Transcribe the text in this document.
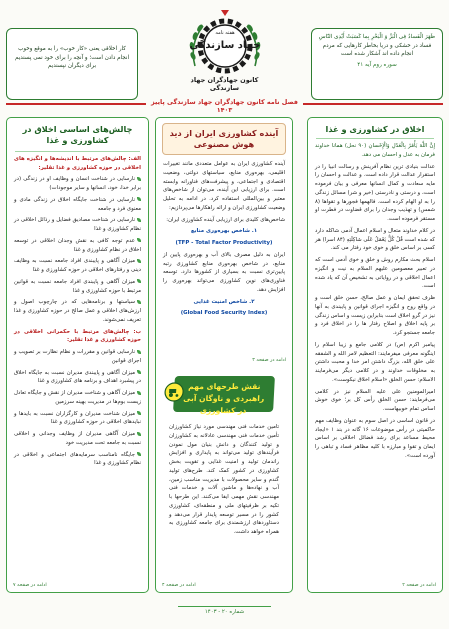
ظَهَرَ الْفَسادُ فِی الْبَرِّ وَ الْبَحْرِ بِما کَسَبَتْ أَیْدِی النّاسِ
فساد در خشکی و دریا بخاطر کارهایی که مردم انجام داده اند آشکار شده است
سوره روم آیه ۴۱
هفته نامه
جهاد سازندگی
کانون جهادگران جهاد سازندگی
کار اخلاقی یعنی «کار خوب» را به موقع وخوب انجام دادن است؛ و آنچه را برای خود نمی پسندیم برای دیگران نپسندیم
فصل نامه کانون جهادگران جهاد سازندگی پاییز ۱۴۰۳
اخلاق در کشاورزی و غذا

إِنَّ اللَّهَ یَأْمُرُ بِالْعَدْلِ وَالْإِحْسانِ (۹۰ نحل) همانا خداوند فرمان به عدل و احسان می دهد.

عدالت بنیادی ترین نظام آفرینش و رسالت انبیا را در استقرار عدالت قرار داده است. و عدالت و احسان را مایه سعادت و کمال انسانها معرفی و بیان فرموده است، و درستی و نادرستی (خیر و شر) مسائل زندگی را به او الهام کرده است. فالهمها فجورها و تقواها (۸ شمس) و تهذیب وجدان را برای قضاوت در فطرت او مستقر فرموده است.

در کلام خداوند متعال و اسلام اعمال آدمی شاکله دارد که شده است قُلْ کُلٌّ یَعْمَلُ عَلَی شاکِلَتِهِ (۸۴ اسرا) هر کسی بر اساس خلق و خوی خود رفتار می کند.

اسلام بحث مکارم روش و خلق و خوی آدمی است که در تعبیر معصومین علیهم السلام به نیت و انگیزه اعمال اخلاقی و در روایاتی به تشخیص آن که یاد شده است.

ظرف تحقق ایمان و عمل صالح، حسن خلق است و در واقع روح و انگیزه اجرای قوانین و پایبندی به آنها نیز در گرو اخلاق است بنابراین زیست و اساس زندگی بر پایه اخلاق و اصلاح رفتار ها را در اخلاق فرد و جامعه جستجو کرد.

پیامبر اکرم (ص) در کلامی جامع و زیبا اسلام را اینگونه معرفی میفرمایند: التعظیم لامر الله و الشفقه علی خلق الله، بزرگ داشتن امر خدا و محبت داشتن به مخلوقات خداوند و در کلامی دیگر می‌فرمایند الاسلام: حسن الخلق «اسلام اخلاق نیکوست».

امیرالمومنین علی علیه السلام نیز در کلامی می‌فرمایند: حسن الخلق رأس کل بر؛ خوی خوش اساس تمام خوبیهاست.

در قانون اساسی در اصل سوم به عنوان وظایف مهم حاکمیتی در رأس موضوعات ۱۶ گانه در بند ۱ «ایجاد محیط مساعد برای رشد فضائل اخلاقی بر اساس ایمان و تقوا و مبارزه با کلیه مظاهر فساد و تباهی را آورده است».

ادامه در صفحه ۲
آینده کشاورزی ایران از دید هوش مصنوعی

آینده کشاورزی ایران به عوامل متعددی مانند تغییرات اقلیمی، بهره‌وری منابع، سیاستهای دولتی، وضعیت اقتصادی و اجتماعی، و پیشرفت‌های فناورانه وابسته است. برای ارزیابی این آینده، می‌توان از شاخص‌های معتبر و بین‌المللی استفاده کرد. در ادامه به تحلیل وضعیت کشاورزی ایران و ارائه راهکارها می‌پردازیم:

شاخص‌های کلیدی برای ارزیابی آینده کشاورزی ایران:

۱. شاخص بهره‌وری منابع

(TFP - Total Factor Productivity)

ایران به دلیل مصرف بالای آب و بهره‌وری پایین از منابع، در شاخص بهره‌وری منابع کشاورزی رتبه پایین‌تری نسبت به بسیاری از کشورها دارد. توسعه فناوری‌های نوین کشاورزی می‌تواند بهره‌وری را افزایش دهد.

۲. شاخص امنیت غذایی

(Global Food Security Index)

ادامه در صفحه ۳
نقش طرحهای مهم راهبردی و ناوگان آبی در کشاورزی

تامین خدمات فنی مهندسی مورد نیاز کشاورزان تأمین خدمات فنی مهندسی عادلانه به کشاورزان و تولید کنندگان و دانش بنیان مول نمودن فرآیندهای تولید می‌تواند به پایداری و افزایش راندمان تولید و امنیت غذایی و تقویت بخش کشاورزی در کشور کمک کند. طرح‌های تولید گندم و سایر محصولات با مدیریت مناسب زمین، آب و نهاده‌ها و ماشین آلات و خدمات فنی مهندسی نقش مهمی ایفا می‌کنند. این طرحها با تکیه بر ظرفیتهای ملی و منطقه‌ای، کشاورزی کشور را در مسیر توسعه پایدار قرار می‌دهد و دستاوردهای ارزشمندی برای جامعه کشاورزی به همراه خواهد داشت.

ادامه در صفحه ۴
چالش‌های اساسی اخلاق در کشاورزی و غذا

الف: چالش‌های مرتبط با اندیشه‌ها و انگیزه های اخلاقی در حوزه کشاورزی و غذا تقلیر:

نارسایی در شناخت انسان و وظایف او در زندگی (در برابر خدا، خود، انسانها و سایر موجودات)

نارسایی در شناخت جایگاه اخلاق در زندگی مادی و معنوی فرد و جامعه

نارسایی در شناخت مصادیق فضایل و رذائل اخلاقی در نظام کشاورزی و غذا

عدم توجه کافی به نقش وجدان اخلاقی در توسعه اخلاق در نظام کشاورزی و غذا

میزان آگاهی و پایبندی افراد جامعه نسبت به وظایف دینی و رفتارهای اخلاقی در حوزه کشاورزی و غذا

میزان آگاهی و پایبندی افراد جامعه نسبت به قوانین مرتبط با حوزه کشاورزی و غذا

سیاستها و برنامه‌هایی که در چارچوب اصول و ارزش‌های اخلاقی و عمل صالح در حوزه کشاورزی و غذا تعریف نمی‌شوند.

ب: چالش‌های مرتبط با حکمرانی اخلاقی در حوزه کشاورزی و غذا تقلیر:

نارسایی قوانین و مقررات و نظام نظارت بر تصویب و اجرای قوانین

میزان آگاهی و پایبندی مدیران نسبت به جایگاه اخلاق در پیشبرد اهداف و برنامه های کشاورزی و غذا

میزان آگاهی و شناخت مدیران از نقش و جایگاه تعادل زیست بوم‌ها در مدیریت بهینه سرزمین

میزان شناخت مدیران و کارگزاران نسبت به بایدها و نبایدهای اخلاقی در حوزه کشاورزی و غذا

میزان آگاهی مدیران از وظایف وجدانی و اخلاقی نسبت به جامعه تحت مدیریت خود

جایگاه نامناسب سرمایه‌های اجتماعی و اخلاقی در نظام کشاورزی و غذا

ادامه در صفحه ۷
شماره ۲۰ - ۱۴۰۳
